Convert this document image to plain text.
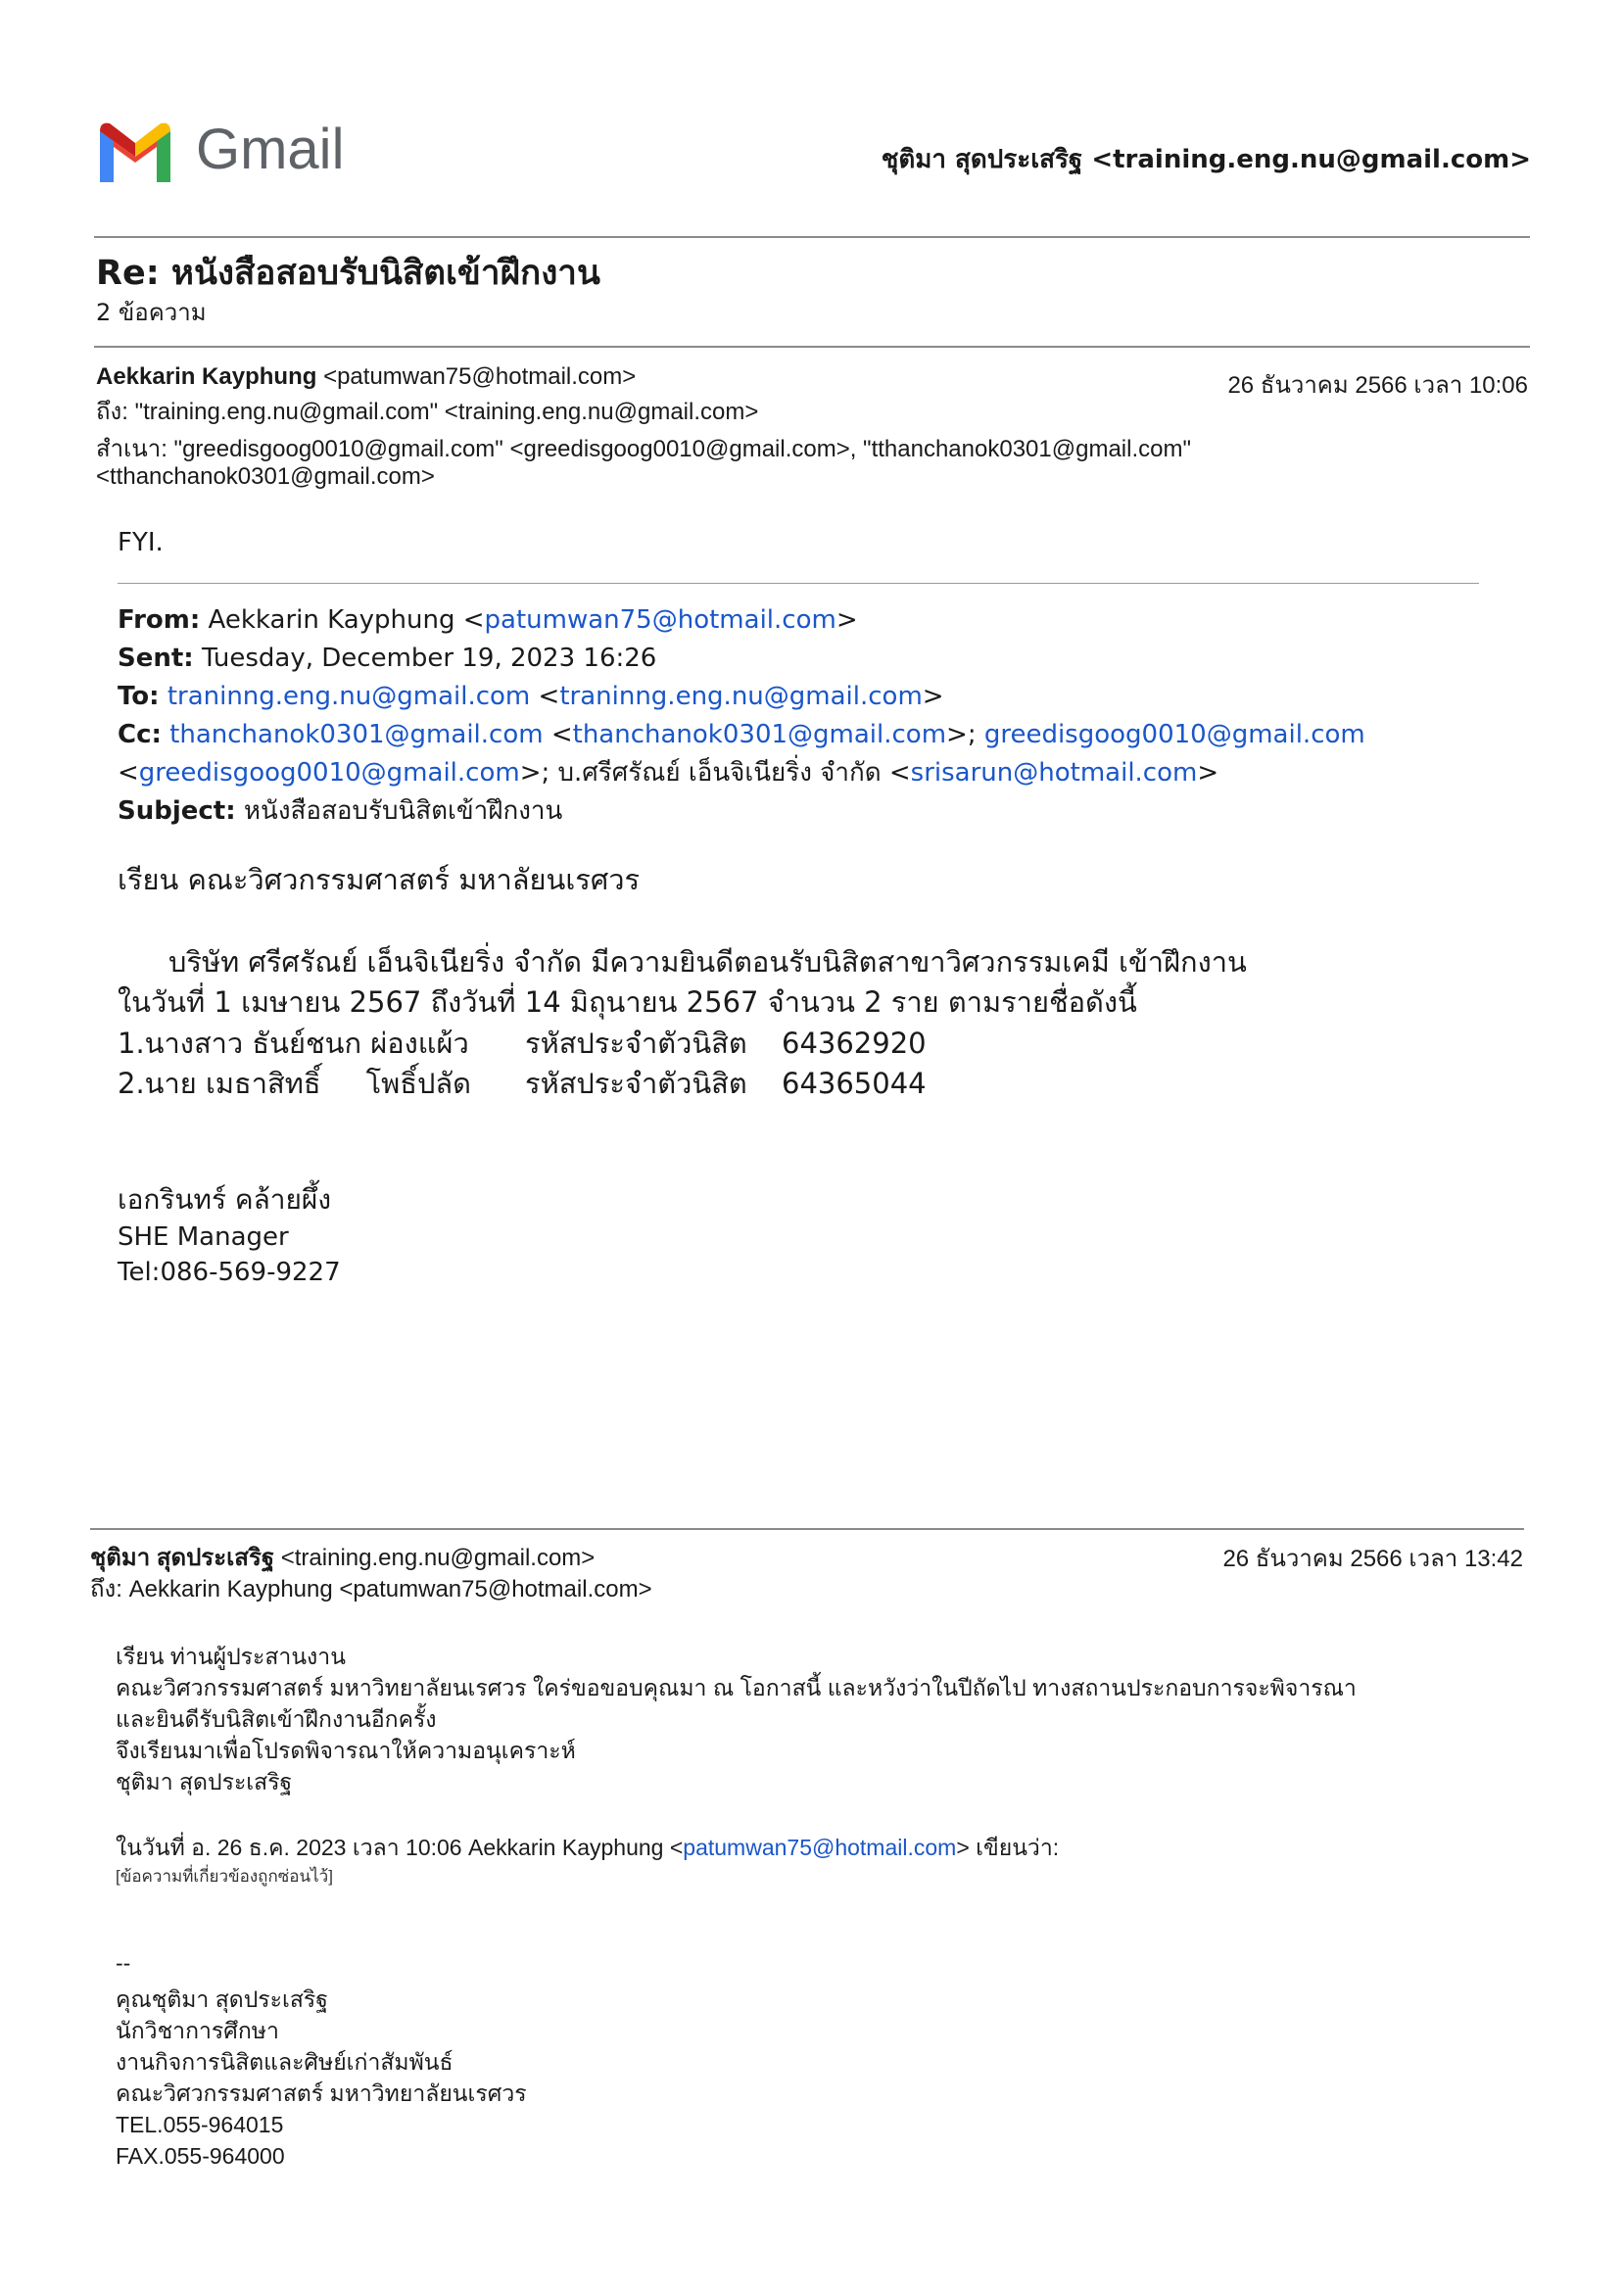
Gmail	ชุติมา สุดประเสริฐ <training.eng.nu@gmail.com>
Re: หนังสือสอบรับนิสิตเข้าฝึกงาน
2 ข้อความ
Aekkarin Kayphung <patumwan75@hotmail.com>	26 ธันวาคม 2566 เวลา 10:06
ถึง: "training.eng.nu@gmail.com" <training.eng.nu@gmail.com>
สำเนา: "greedisgoog0010@gmail.com" <greedisgoog0010@gmail.com>, "tthanchanok0301@gmail.com"
<tthanchanok0301@gmail.com>
FYI.
From: Aekkarin Kayphung <patumwan75@hotmail.com>
Sent: Tuesday, December 19, 2023 16:26
To: traninng.eng.nu@gmail.com <traninng.eng.nu@gmail.com>
Cc: thanchanok0301@gmail.com <thanchanok0301@gmail.com>; greedisgoog0010@gmail.com
<greedisgoog0010@gmail.com>; บ.ศรีศรัณย์ เอ็นจิเนียริ่ง จำกัด <srisarun@hotmail.com>
Subject: หนังสือสอบรับนิสิตเข้าฝึกงาน
เรียน คณะวิศวกรรมศาสตร์ มหาลัยนเรศวร
บริษัท ศรีศรัณย์ เอ็นจิเนียริ่ง จำกัด มีความยินดีตอนรับนิสิตสาขาวิศวกรรมเคมี เข้าฝึกงาน
ในวันที่ 1 เมษายน 2567 ถึงวันที่ 14 มิถุนายน 2567 จำนวน 2 ราย ตามรายชื่อดังนี้
1.นางสาว ธันย์ชนก ผ่องแผ้ว รหัสประจำตัวนิสิต 64362920
2.นาย เมธาสิทธิ์     โพธิ์ปลัด รหัสประจำตัวนิสิต 64365044
เอกรินทร์ คล้ายผึ้ง
SHE Manager
Tel:086-569-9227
ชุติมา สุดประเสริฐ <training.eng.nu@gmail.com>	26 ธันวาคม 2566 เวลา 13:42
ถึง: Aekkarin Kayphung <patumwan75@hotmail.com>
เรียน ท่านผู้ประสานงาน
คณะวิศวกรรมศาสตร์ มหาวิทยาลัยนเรศวร ใคร่ขอขอบคุณมา ณ โอกาสนี้ และหวังว่าในปีถัดไป ทางสถานประกอบการจะพิจารณา
และยินดีรับนิสิตเข้าฝึกงานอีกครั้ง
จึงเรียนมาเพื่อโปรดพิจารณาให้ความอนุเคราะห์
ชุติมา สุดประเสริฐ
ในวันที่ อ. 26 ธ.ค. 2023 เวลา 10:06 Aekkarin Kayphung <patumwan75@hotmail.com> เขียนว่า:
[ข้อความที่เกี่ยวข้องถูกซ่อนไว้]
--
คุณชุติมา สุดประเสริฐ
นักวิชาการศึกษา
งานกิจการนิสิตและศิษย์เก่าสัมพันธ์
คณะวิศวกรรมศาสตร์ มหาวิทยาลัยนเรศวร
TEL.055-964015
FAX.055-964000
